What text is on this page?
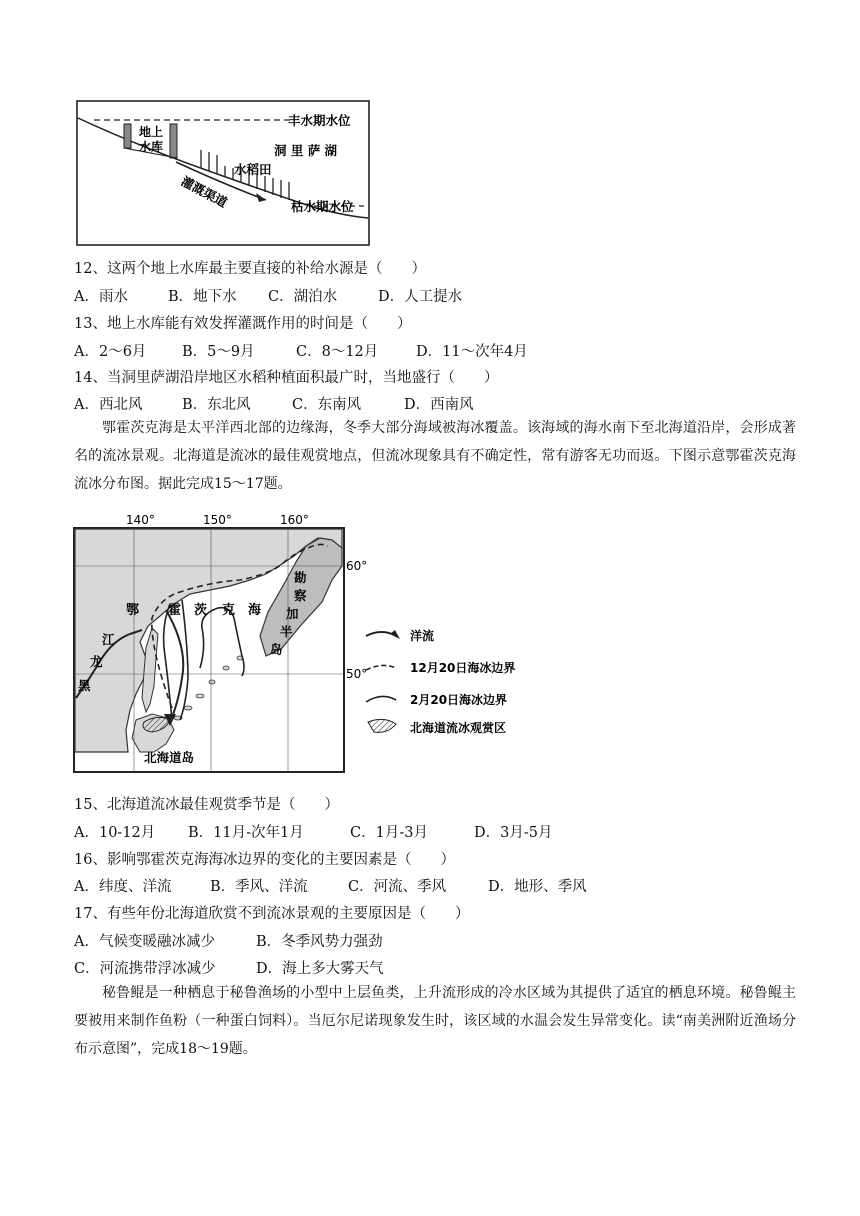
地上
水库
丰水期水位
洞 里 萨 湖
水稻田
灌溉渠道	枯水期水位
12、这两个地上水库最主要直接的补给水源是（　　）
A．雨水	B．地下水 C．湖泊水	D．人工提水
13、地上水库能有效发挥灌溉作用的时间是（　　）
A．2～6月 B．5～9月	C．8～12月	D．11～次年4月
14、当洞里萨湖沿岸地区水稻种植面积最广时，当地盛行（　　）
A．西北风	B．东北风	C．东南风	D．西南风
鄂霍茨克海是太平洋西北部的边缘海，冬季大部分海域被海冰覆盖。该海域的海水南下至北海道沿岸，会形成著名的流冰景观。北海道是流冰的最佳观赏地点，但流冰现象具有不确定性，常有游客无功而返。下图示意鄂霍茨克海流冰分布图。据此完成15～17题。
140°	150°	160°
鄂 霍 茨 克 海
勘
察
加
半
岛
江
龙
黑
北海道岛
60°
50°
洋流
12月20日海冰边界
2月20日海冰边界
北海道流冰观赏区
15、北海道流冰最佳观赏季节是（　　）
A．10-12月 B．11月-次年1月	C．1月-3月	D．3月-5月
16、影响鄂霍茨克海海冰边界的变化的主要因素是（　　）
A．纬度、洋流	B．季风、洋流	C．河流、季风	D．地形、季风
17、有些年份北海道欣赏不到流冰景观的主要原因是（　　）
A．气候变暖融冰减少	B．冬季风势力强劲
C．河流携带浮冰减少	D．海上多大雾天气
秘鲁鲲是一种栖息于秘鲁渔场的小型中上层鱼类，上升流形成的冷水区域为其提供了适宜的栖息环境。秘鲁鲲主要被用来制作鱼粉（一种蛋白饲料）。当厄尔尼诺现象发生时，该区域的水温会发生异常变化。读“南美洲附近渔场分布示意图”，完成18～19题。
